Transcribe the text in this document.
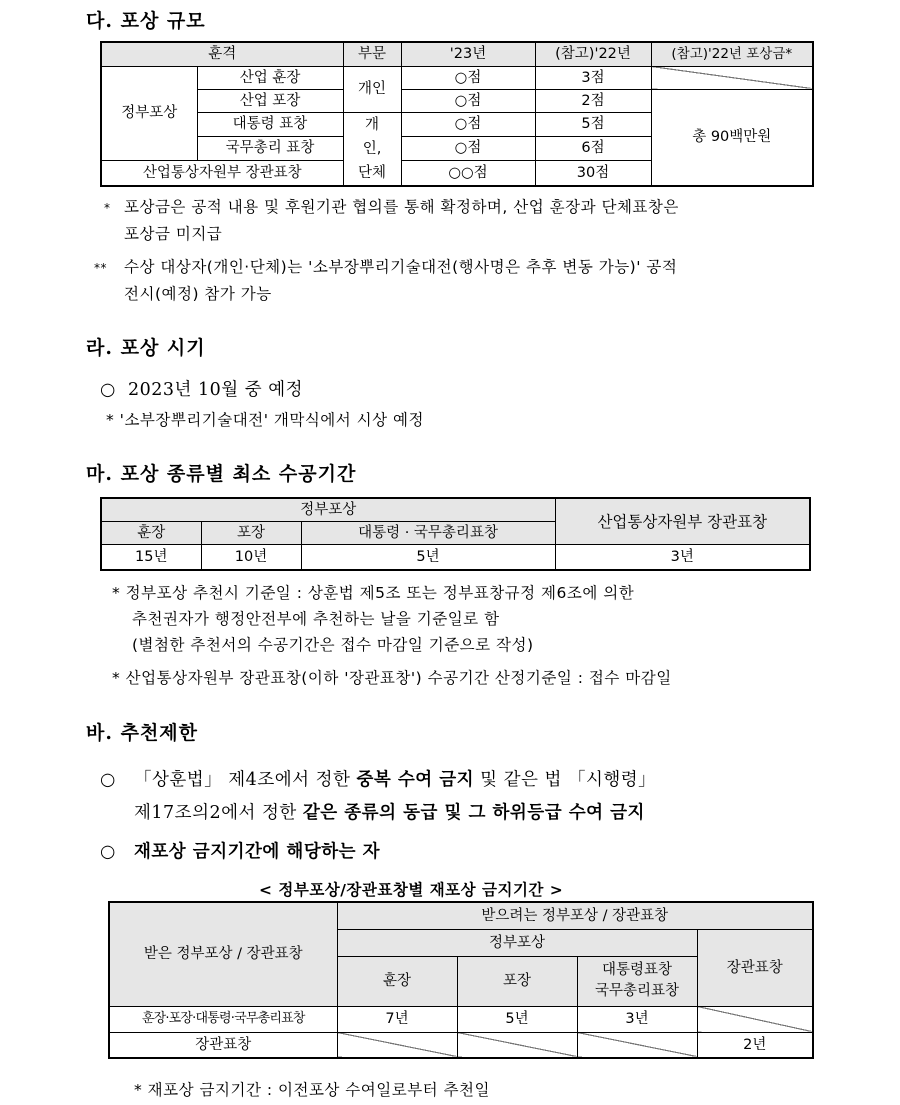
다. 포상 규모
훈격		부문	'23년	(참고)'22년	(참고)'22년 포상금*
정부포상	산업 훈장	개인	○점	3점	
	산업 포장		○점	2점	총 90백만원
	대통령 표창	개인, 단체	○점	5점	
	국무총리 표창		○점	6점	
산업통상자원부 장관표창			○○점	30점	
* 포상금은 공적 내용 및 후원기관 협의를 통해 확정하며, 산업 훈장과 단체표창은
포상금 미지급
** 수상 대상자(개인·단체)는 '소부장뿌리기술대전(행사명은 추후 변동 가능)' 공적
전시(예정) 참가 가능
라. 포상 시기
○ 2023년 10월 중 예정
* '소부장뿌리기술대전' 개막식에서 시상 예정
마. 포상 종류별 최소 수공기간
정부포상			산업통상자원부 장관표창
훈장	포장	대통령 · 국무총리표창	
15년	10년	5년	3년
* 정부포상 추천시 기준일 : 상훈법 제5조 또는 정부표창규정 제6조에 의한
추천권자가 행정안전부에 추천하는 날을 기준일로 함
(별첨한 추천서의 수공기간은 접수 마감일 기준으로 작성)
* 산업통상자원부 장관표창(이하 '장관표창') 수공기간 산정기준일 : 접수 마감일
바. 추천제한
○ 「상훈법」 제4조에서 정한 중복 수여 금지 및 같은 법 「시행령」
제17조의2에서 정한 같은 종류의 동급 및 그 하위등급 수여 금지
○ 재포상 금지기간에 해당하는 자
< 정부포상/장관표창별 재포상 금지기간 >
받은 정부포상 / 장관표창	받으려는 정부포상 / 장관표창			
	정부포상			장관표창
	훈장	포장	대통령표창
국무총리표창	
훈장·포장·대통령·국무총리표창	7년	5년	3년	
장관표창				2년
* 재포상 금지기간 : 이전포상 수여일로부터 추천일
